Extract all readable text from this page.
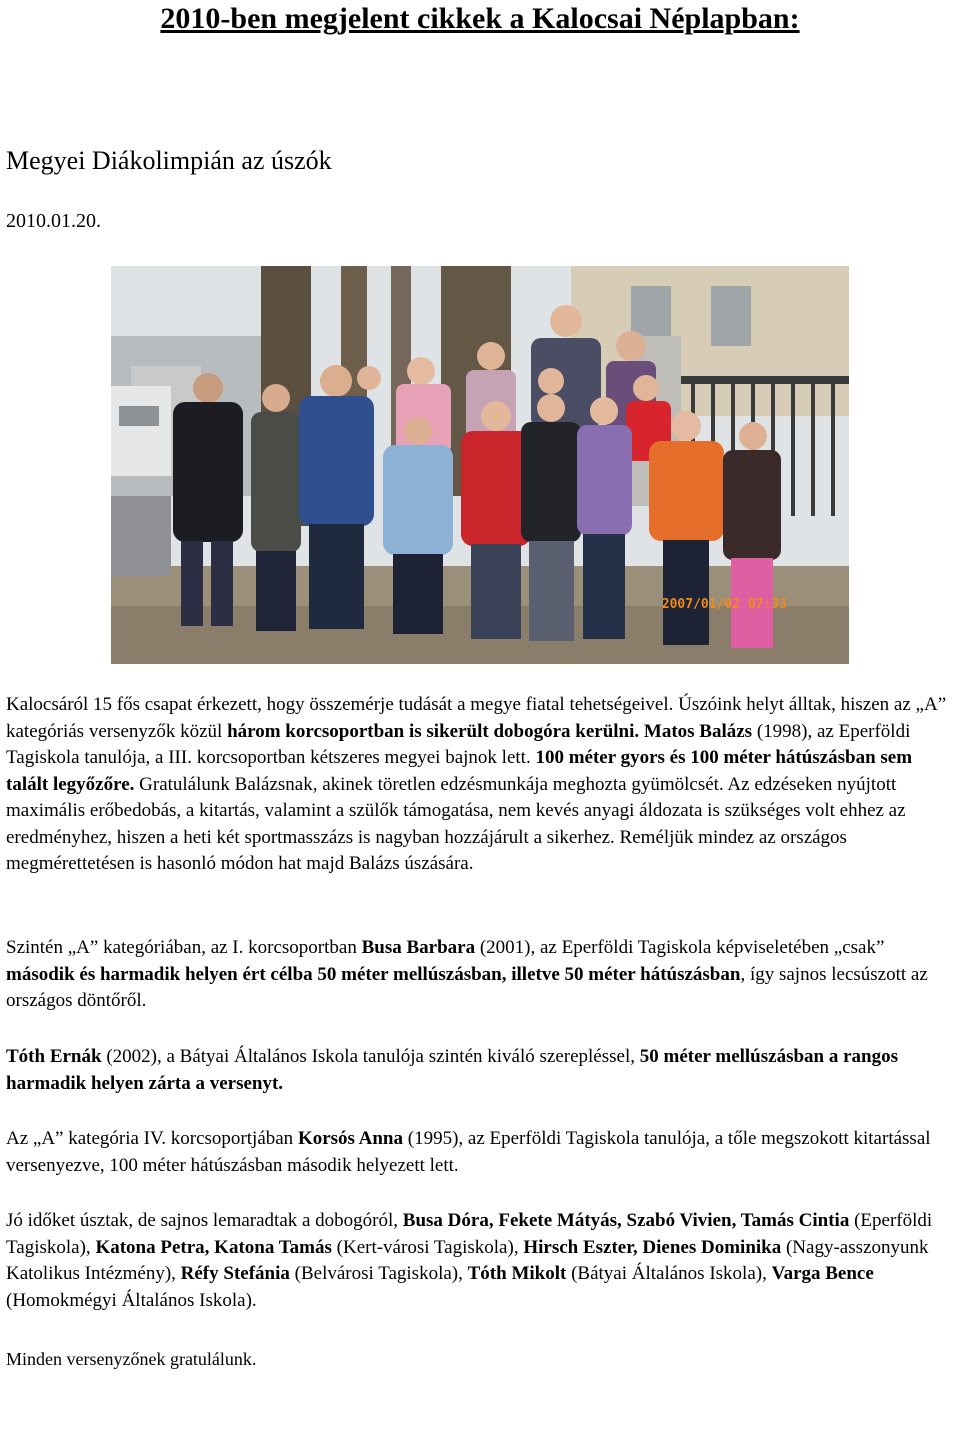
2010-ben megjelent cikkek a Kalocsai Néplapban:
Megyei Diákolimpián az úszók
2010.01.20.
2007/01/02 07:33

Kalocsáról 15 fős csapat érkezett, hogy összemérje tudását a megye fiatal tehetségeivel. Úszóink helyt álltak, hiszen az „A” kategóriás versenyzők közül három korcsoportban is sikerült dobogóra kerülni. Matos Balázs (1998), az Eperföldi Tagiskola tanulója, a III. korcsoportban kétszeres megyei bajnok lett. 100 méter gyors és 100 méter hátúszásban sem talált legyőzőre. Gratulálunk Balázsnak, akinek töretlen edzésmunkája meghozta gyümölcsét. Az edzéseken nyújtott maximális erőbedobás, a kitartás, valamint a szülők támogatása, nem kevés anyagi áldozata is szükséges volt ehhez az eredményhez, hiszen a heti két sportmasszázs is nagyban hozzájárult a sikerhez. Reméljük mindez az országos megmérettetésen is hasonló módon hat majd Balázs úszására.

Szintén „A” kategóriában, az I. korcsoportban Busa Barbara (2001), az Eperföldi Tagiskola képviseletében „csak” második és harmadik helyen ért célba 50 méter mellúszásban, illetve 50 méter hátúszásban, így sajnos lecsúszott az országos döntőről.

Tóth Ernák (2002), a Bátyai Általános Iskola tanulója szintén kiváló szerepléssel, 50 méter mellúszásban a rangos harmadik helyen zárta a versenyt.

Az „A” kategória IV. korcsoportjában Korsós Anna (1995), az Eperföldi Tagiskola tanulója, a tőle megszokott kitartással versenyezve, 100 méter hátúszásban második helyezett lett.

Jó időket úsztak, de sajnos lemaradtak a dobogóról, Busa Dóra, Fekete Mátyás, Szabó Vivien, Tamás Cintia (Eperföldi Tagiskola), Katona Petra, Katona Tamás (Kert-városi Tagiskola), Hirsch Eszter, Dienes Dominika (Nagy-asszonyunk Katolikus Intézmény), Réfy Stefánia (Belvárosi Tagiskola), Tóth Mikolt (Bátyai Általános Iskola), Varga Bence (Homokmégyi Általános Iskola).

Minden versenyzőnek gratulálunk.
